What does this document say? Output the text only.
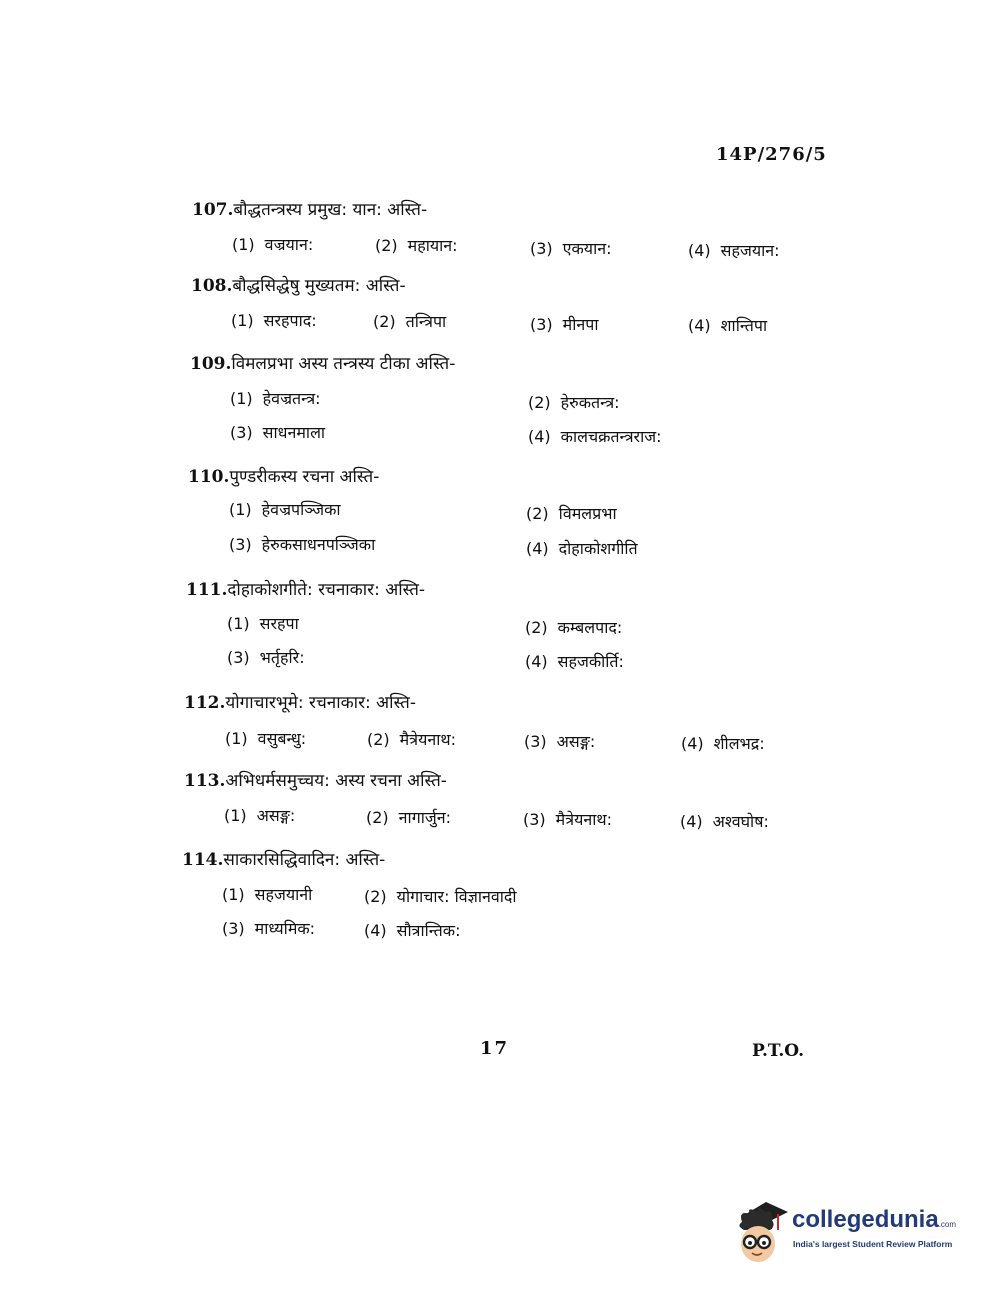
14P/276/5
107.बौद्धतन्त्रस्य प्रमुख: यान: अस्ति-
(1) वज्रयान:	(2) महायान:	(3) एकयान:	(4) सहजयान:
108.बौद्धसिद्धेषु मुख्यतम: अस्ति-
(1) सरहपाद:	(2) तन्त्रिपा	(3) मीनपा	(4) शान्तिपा
109.विमलप्रभा अस्य तन्त्रस्य टीका अस्ति-
(1) हेवज्रतन्त्र:	(2) हेरुकतन्त्र:
(3) साधनमाला	(4) कालचक्रतन्त्रराज:
110.पुण्डरीकस्य रचना अस्ति-
(1) हेवज्रपञ्जिका	(2) विमलप्रभा
(3) हेरुकसाधनपञ्जिका	(4) दोहाकोशगीति
111.दोहाकोशगीते: रचनाकार: अस्ति-
(1) सरहपा	(2) कम्बलपाद:
(3) भर्तृहरि:	(4) सहजकीर्ति:
112.योगाचारभूमे: रचनाकार: अस्ति-
(1) वसुबन्धु:	(2) मैत्रेयनाथ:	(3) असङ्ग:	(4) शीलभद्र:
113.अभिधर्मसमुच्चय: अस्य रचना अस्ति-
(1) असङ्ग:	(2) नागार्जुन:	(3) मैत्रेयनाथ:	(4) अश्वघोष:
114.साकारसिद्धिवादिन: अस्ति-
(1) सहजयानी	(2) योगाचार: विज्ञानवादी
(3) माध्यमिक:	(4) सौत्रान्तिक:
17	P.T.O.
collegedunia.com
India's largest Student Review Platform
